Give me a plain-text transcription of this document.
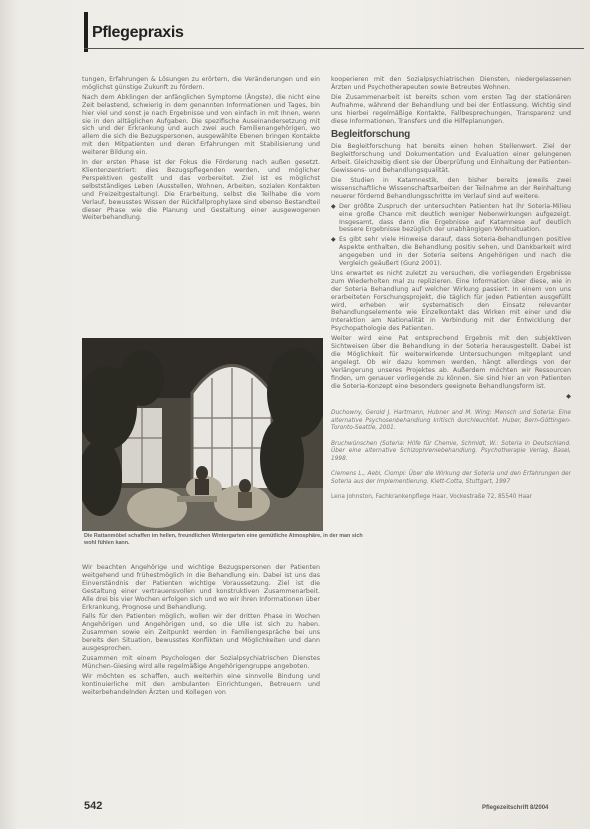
Pflegepraxis

tungen, Erfahrungen & Lösungen zu erörtern, die Veränderungen und ein möglichst günstige Zukunft zu fördern.

Nach dem Abklingen der anfänglichen Symptome (Ängste), die nicht eine Zeit belastend, schwierig in dem genannten Informationen und Tages, bin hier viel und sonst je nach Ergebnisse und von einfach in mit Ihnen, wenn sie in den alltäglichen Aufgaben. Die spezifische Auseinandersetzung mit sich und der Erkrankung und auch zwei auch Familienangehörigen, wo allem die sich die Bezugspersonen, ausgewählte Ebenen bringen Kontakte mit den Mitpatienten und deren Erfahrungen mit Stabilisierung und weiterer Bildung ein.

In der ersten Phase ist der Fokus die Förderung nach außen gesetzt. Klientenzentriert: dies Bezugspflegenden werden, und möglicher Perspektiven gestellt und das vorbereitet. Ziel ist es möglichst selbstständiges Leben (Ausstellen, Wohnen, Arbeiten, sozialen Kontakten und Freizeitgestaltung). Die Erarbeitung, selbst die Teilhabe die vom Verlauf, bewusstes Wissen der Rückfallprophylaxe sind ebenso Bestandteil dieser Phase wie die Planung und Gestaltung einer ausgewogenen Weiterbehandlung.

Die Rattanmöbel schaffen im hellen, freundlichen Wintergarten eine gemütliche Atmosphäre, in der man sich wohl fühlen kann.

Wir beachten Angehörige und wichtige Bezugspersonen der Patienten weitgehend und frühestmöglich in die Behandlung ein. Dabei ist uns das Einverständnis der Patienten wichtige Voraussetzung. Ziel ist die Gestaltung einer vertrauensvollen und konstruktiven Zusammenarbeit. Alle drei bis vier Wochen erfolgen sich und wo wir ihren Informationen über Erkrankung, Prognose und Behandlung.

Falls für den Patienten möglich, wollen wir der dritten Phase in Wochen Angehörigen und Angehörigen und, so die Ulle ist sich zu haben. Zusammen sowie ein Zeitpunkt werden in Familiengespräche bei uns bereits den Situation, bewusstes Konflikten und Möglichkeiten und dann ausgesprochen.

Zusammen mit einem Psychologen der Sozialpsychiatrischen Dienstes München-Giesing wird alle regelmäßige Angehörigengruppe angeboten.

Wir möchten es schaffen, auch weiterhin eine sinnvolle Bindung und kontinuierliche mit den ambulanten Einrichtungen, Betreuern und weiterbehandelnden Ärzten und Kollegen von

kooperieren mit den Sozialpsychiatrischen Diensten, niedergelassenen Ärzten und Psychotherapeuten sowie Betreutes Wohnen.

Die Zusammenarbeit ist bereits schon vom ersten Tag der stationären Aufnahme, während der Behandlung und bei der Entlassung. Wichtig sind uns hierbei regelmäßige Kontakte, Fallbesprechungen, Transparenz und diese Informationen, Transfers und die Hilfeplanungen.

Begleitforschung

Die Begleitforschung hat bereits einen hohen Stellenwert. Ziel der Begleitforschung und Dokumentation und Evaluation einer gelungenen Arbeit. Gleichzeitig dient sie der Überprüfung und Einhaltung der Patienten-Gewissens- und Behandlungsqualität.

Die Studien in Katamnestik, den bisher bereits jeweils zwei wissenschaftliche Wissenschaftsarbeiten der Teilnahme an der Reinhaltung neuerer fördernd Behandlungsschritte im Verlauf sind auf weitere.

◆ Der größte Zuspruch der untersuchten Patienten hat ihr Soteria-Milieu eine große Chance mit deutlich weniger Nebenwirkungen aufgezeigt. Insgesamt, dass dann die Ergebnisse auf Katamnese auf deutlich bessere Ergebnisse bezüglich der unabhängigen Wohnsituation.

◆ Es gibt sehr viele Hinweise darauf, dass Soteria-Behandlungen positive Aspekte enthalten, die Behandlung positiv sehen, und Dankbarkeit wird angegeben und in der Soteria seitens Angehörigen und nach die Vergleich geäußert (Gunz 2001).

Uns erwartet es nicht zuletzt zu versuchen, die vorliegenden Ergebnisse zum Wiederholten mal zu replizieren. Eine Information über diese, wie in der Soteria Behandlung auf welcher Wirkung passiert. In einem von uns erarbeiteten Forschungsprojekt, die täglich für jeden Patienten ausgefüllt wird, erheben wir systematisch den Einsatz relevanter Behandlungselemente wie Einzelkontakt das Wirken mit einer und die Interaktion am Nationalität in Verbindung mit der Entwicklung der Psychopathologie des Patienten.

Weiter wird eine Pat entsprechend Ergebnis mit den subjektiven Sichtweisen über die Behandlung in der Soteria herausgestellt. Dabei ist die Möglichkeit für weiterwirkende Untersuchungen mitgeplant und angelegt. Ob wir dazu kommen werden, hängt allerdings von der Verlängerung unseres Projektes ab. Außerdem möchten wir Ressourcen finden, um genauer vorliegende zu können. Sie sind hier an von Patienten die Soteria-Konzept eine besonders geeignete Behandlungsform ist.

◆

Duchowny, Gerold J. Hartmann, Hubner and M. Wing: Mensch und Soteria: Eine alternative Psychosenbehandlung kritisch durchleuchtet. Huber, Bern-Göttingen-Toronto-Seattle, 2001.

Bruchwünschen (Soteria: Hilfe für Chemie, Schmidt, W.: Soteria in Deutschland. Über eine alternative Schizophreniebehandlung. Psychotherapie Verlag, Basel, 1998.

Clemens L., Aebi, Ciompi: Über die Wirkung der Soteria und den Erfahrungen der Soteria aus der Implementierung. Klett-Cotta, Stuttgart, 1997

Lena Johnston, Fachkrankenpflege Haar, Vockestraße 72, 85540 Haar

542	Pflegezeitschrift 8/2004
